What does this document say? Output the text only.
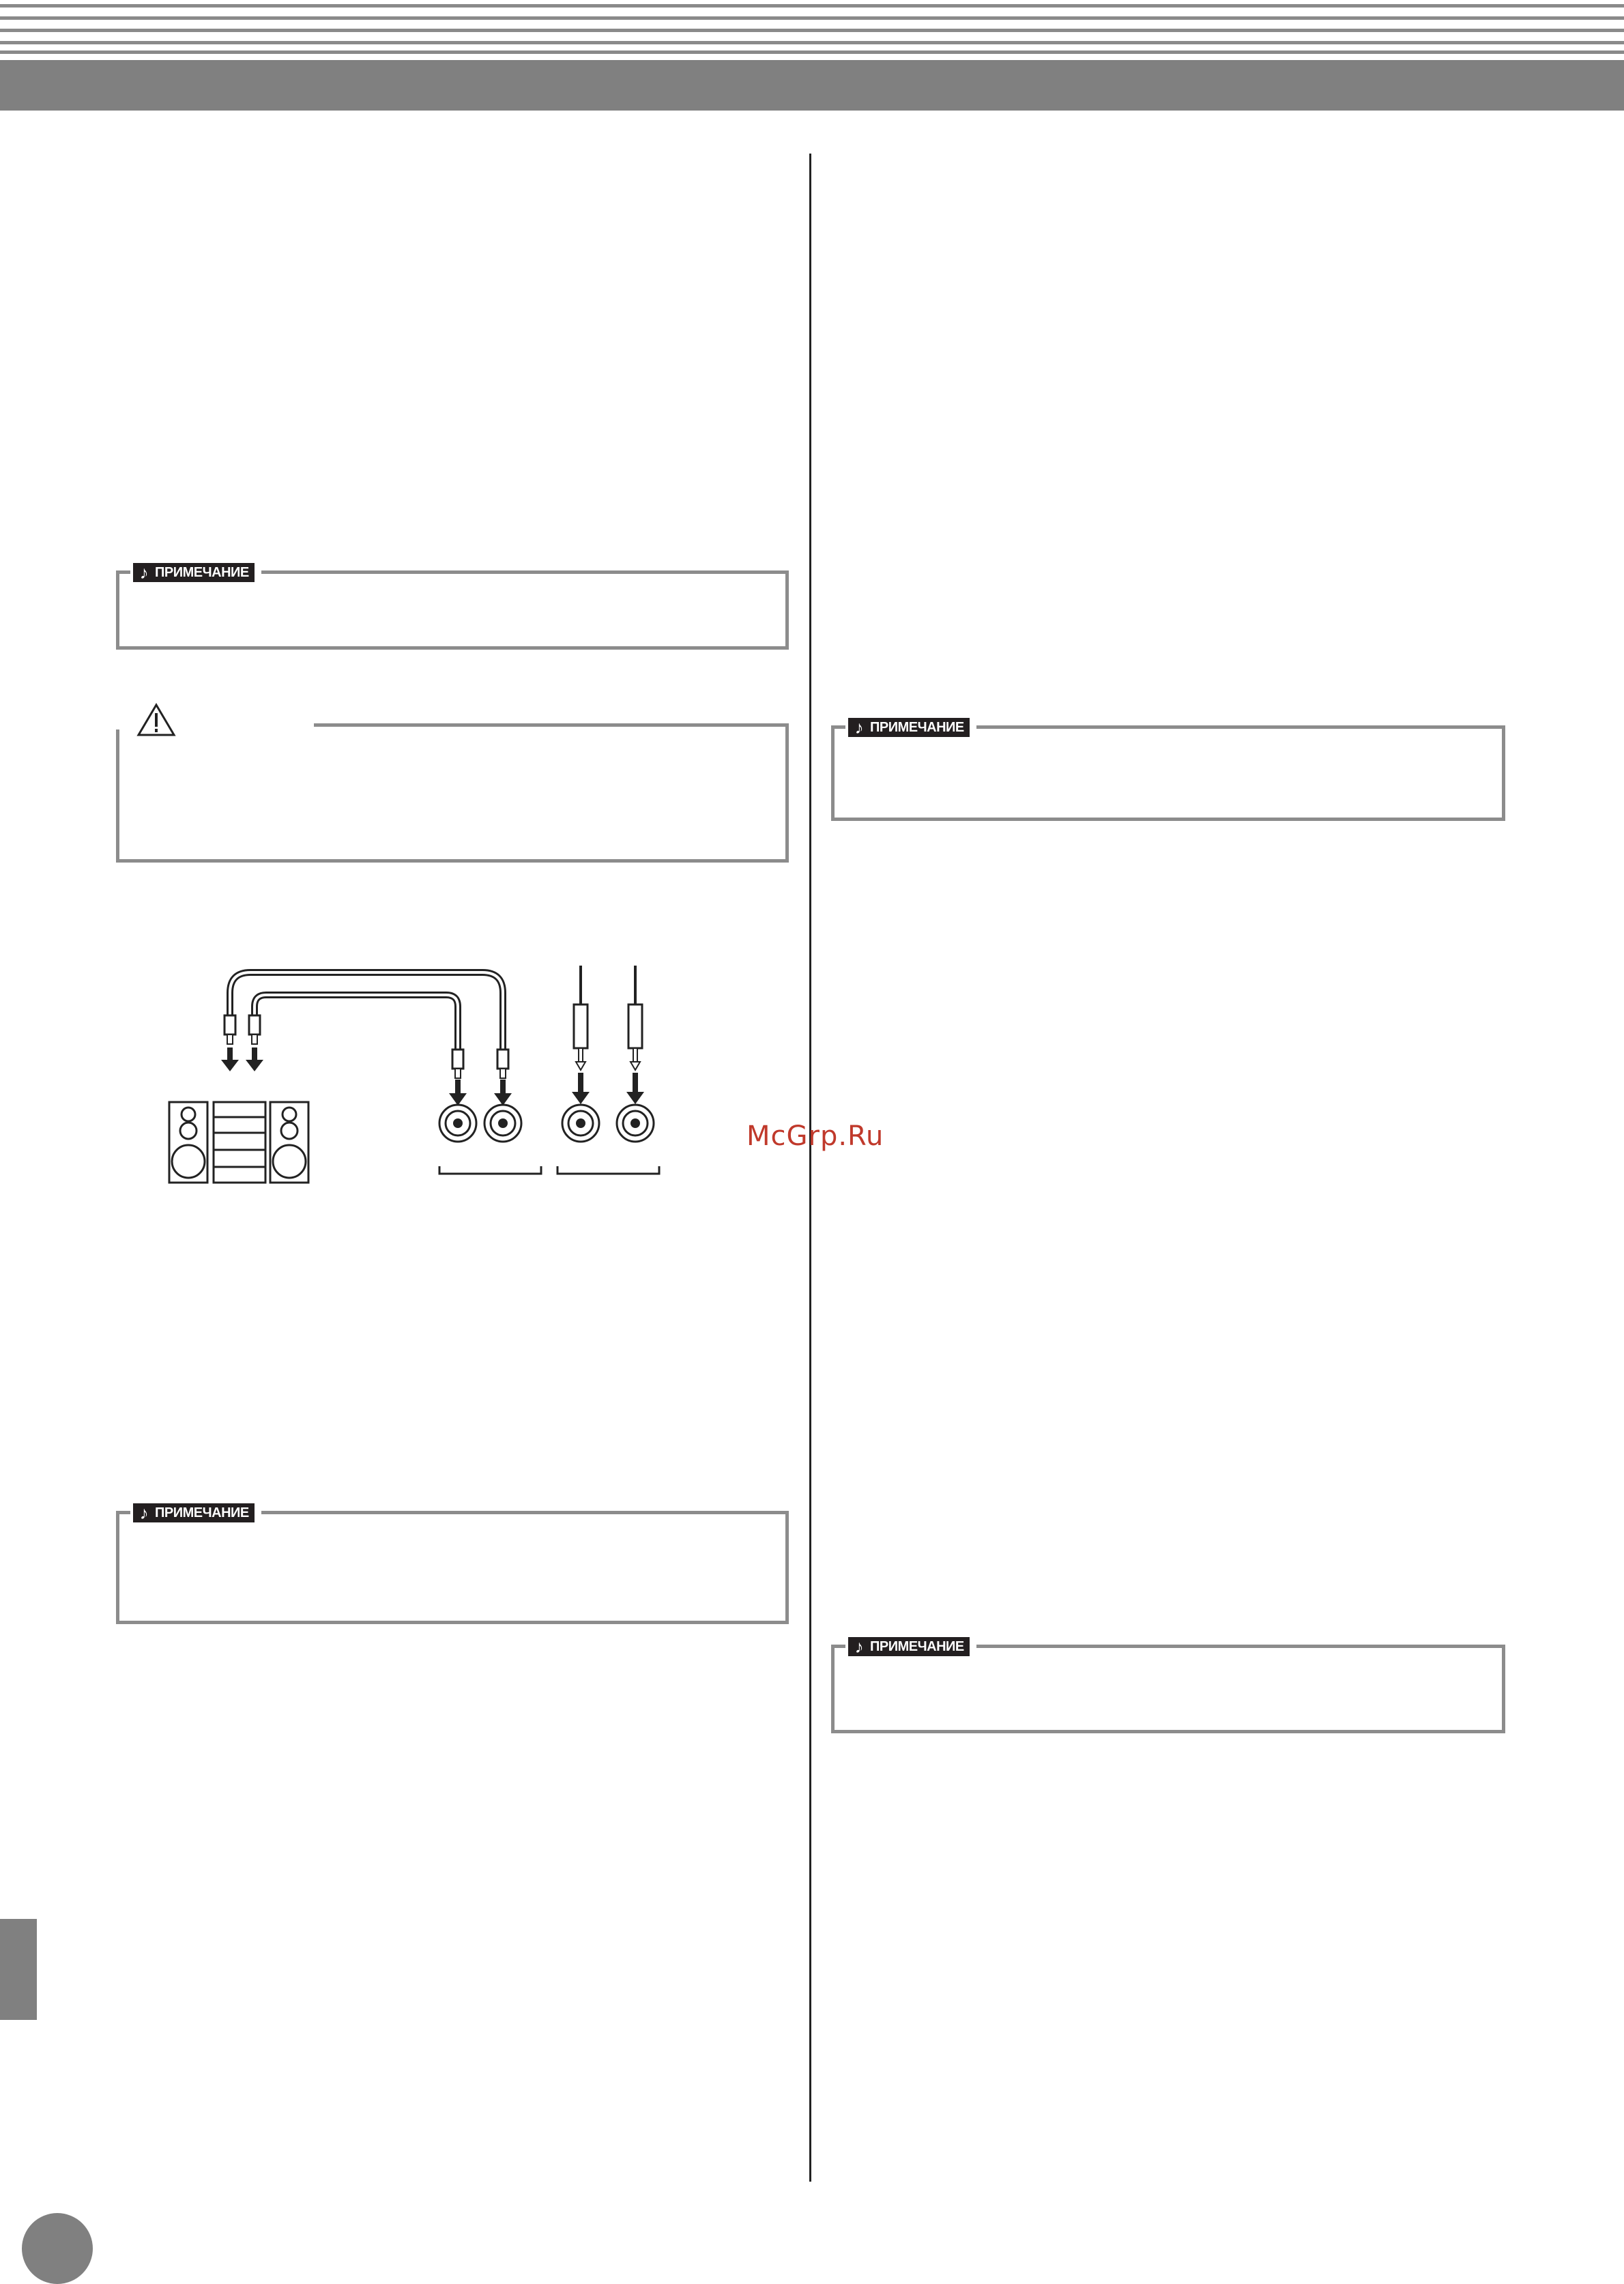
♪ ПРИМЕЧАНИЕ
McGrp.Ru
♪ ПРИМЕЧАНИЕ
♪ ПРИМЕЧАНИЕ
♪ ПРИМЕЧАНИЕ
